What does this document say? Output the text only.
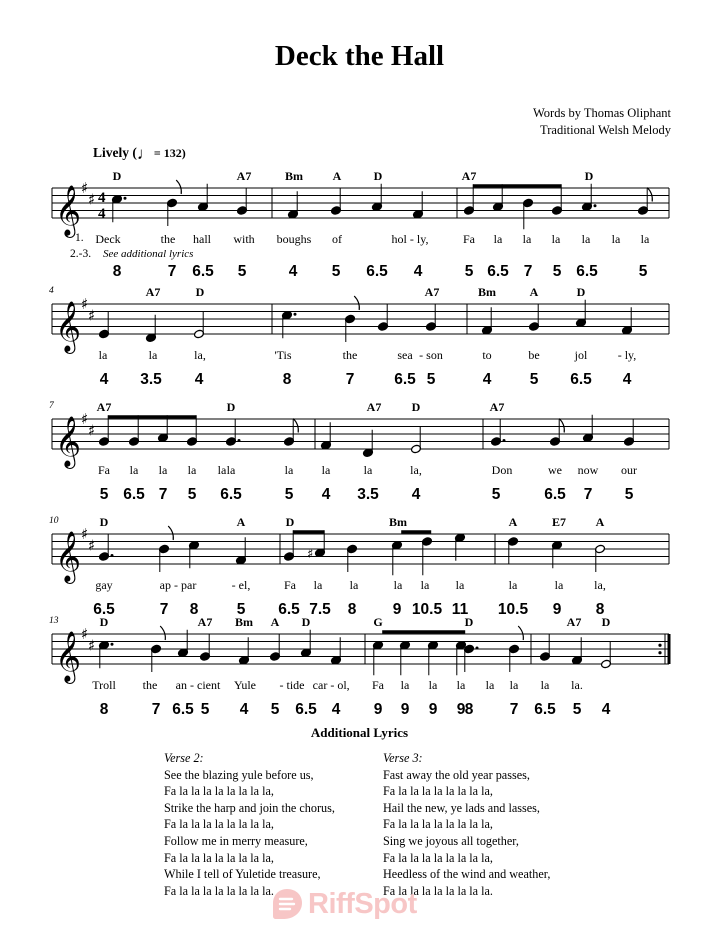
Deck the Hall
Words by Thomas Oliphant
Traditional Welsh Melody
Lively (♩= 132)
𝄞 ♯
♯ 4
4
𝄞 ♯
♯
𝄞 ♯
♯
𝄞 ♯
♯	♯
𝄞 ♯
♯
D	A7	Bm A	D	A7	D
1.
2.-3. See additional lyrics
Deck	the hall with boughs of	hol - ly,	Fa la la la la la la
8	7 6.5 5	4 5 6.5 4	5 6.5 7 5 6.5	5
4	A7	D	A7	Bm	A	D
la	la	la,	'Tis	the	sea - son	to	be	jol	- ly,
4 3.5 4	8	7	6.5 5	4 5 6.5 4
7	A7	D	A7	D	A7
Fa la la la la la	la la	la	la,	Don	we now our
5 6.5 7 5 6.5	5 4 3.5 4	5	6.5 7 5
10	D	A	D	Bm	A	E7 A
gay	ap - par	- el,	Fa la la	la la la	la	la	la,
6.5	7 8 5 6.5 7.5 8 9 10.5 11 10.5 9 8
13	D	A7 Bm A D	G	D	A7 D
Troll the an - cient Yule - tide car - ol, Fa la la la la la la la.
8	7 6.5 5 4 5 6.5 4 9 9 9 9 8 7 6.5 5 4
Additional Lyrics
Verse 2:
See the blazing yule before us,
Fa la la la la la la la la,
Strike the harp and join the chorus,
Fa la la la la la la la la,
Follow me in merry measure,
Fa la la la la la la la la,
While I tell of Yuletide treasure,
Fa la la la la la la la la.
Verse 3:
Fast away the old year passes,
Fa la la la la la la la la,
Hail the new, ye lads and lasses,
Fa la la la la la la la la,
Sing we joyous all together,
Fa la la la la la la la la,
Heedless of the wind and weather,
Fa la la la la la la la la.
RiffSpot
